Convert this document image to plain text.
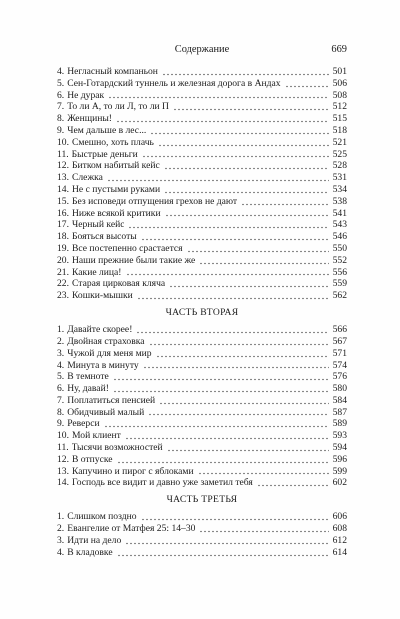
Содержание	669
4. Негласный компаньон	501
5. Сен-Готардский туннель и железная дорога в Андах	506
6. Не дурак	508
7. То ли А, то ли Л, то ли П	512
8. Женщины!	515
9. Чем дальше в лес...	518
10. Смешно, хоть плачь	521
11. Быстрые деньги	525
12. Битком набитый кейс	528
13. Слежка	531
14. Не с пустыми руками	534
15. Без исповеди отпущения грехов не дают	538
16. Ниже всякой критики	541
17. Черный кейс	543
18. Бояться высоты	546
19. Все постепенно срастается	550
20. Наши прежние были такие же	552
21. Какие лица!	556
22. Старая цирковая кляча	559
23. Кошки-мышки	562
ЧАСТЬ ВТОРАЯ
1. Давайте скорее!	566
2. Двойная страховка	567
3. Чужой для меня мир	571
4. Минута в минуту	574
5. В темноте	576
6. Ну, давай!	580
7. Поплатиться пенсией	584
8. Обидчивый малый	587
9. Реверси	589
10. Мой клиент	593
11. Тысячи возможностей	594
12. В отпуске	596
13. Капучино и пирог с яблоками	599
14. Господь все видит и давно уже заметил тебя	602
ЧАСТЬ ТРЕТЬЯ
1. Слишком поздно	606
2. Евангелие от Матфея 25: 14–30	608
3. Идти на дело	612
4. В кладовке	614
